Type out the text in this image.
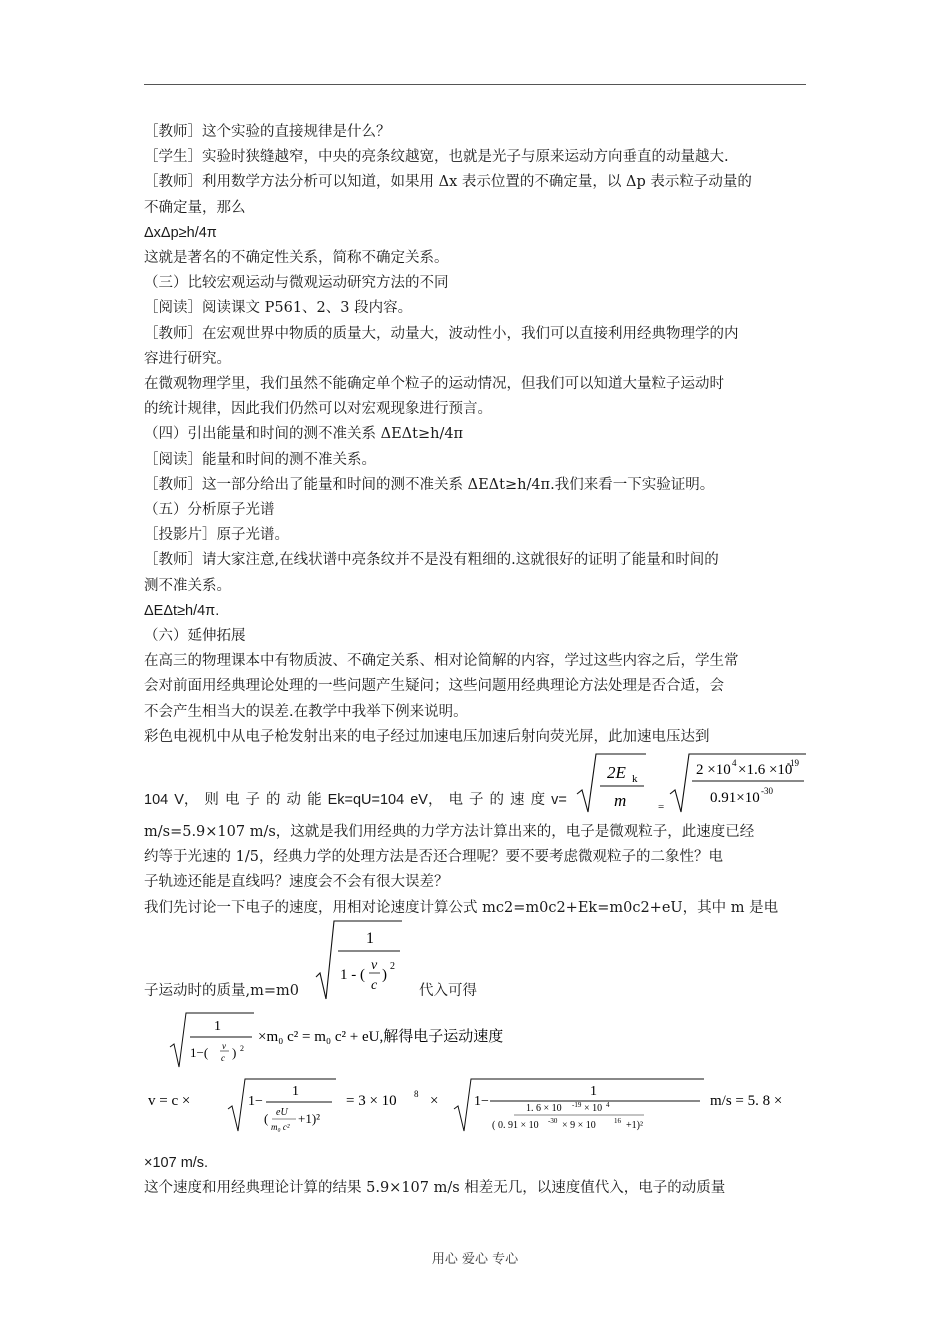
［教师］这个实验的直接规律是什么？

［学生］实验时狭缝越窄，中央的亮条纹越宽，也就是光子与原来运动方向垂直的动量越大.

［教师］利用数学方法分析可以知道，如果用 Δx 表示位置的不确定量，以 Δp 表示粒子动量的

不确定量，那么

ΔxΔp≥h/4π

这就是著名的不确定性关系，简称不确定关系。

（三）比较宏观运动与微观运动研究方法的不同

［阅读］阅读课文 P561、2、3 段内容。

［教师］在宏观世界中物质的质量大，动量大，波动性小，我们可以直接利用经典物理学的内

容进行研究。

在微观物理学里，我们虽然不能确定单个粒子的运动情况，但我们可以知道大量粒子运动时

的统计规律，因此我们仍然可以对宏观现象进行预言。

（四）引出能量和时间的测不准关系 ΔEΔt≥h/4π

［阅读］能量和时间的测不准关系。

［教师］这一部分给出了能量和时间的测不准关系 ΔEΔt≥h/4π.我们来看一下实验证明。

（五）分析原子光谱

［投影片］原子光谱。

［教师］请大家注意,在线状谱中亮条纹并不是没有粗细的.这就很好的证明了能量和时间的

测不准关系。

ΔEΔt≥h/4π.

（六）延伸拓展

在高三的物理课本中有物质波、不确定关系、相对论简解的内容，学过这些内容之后，学生常

会对前面用经典理论处理的一些问题产生疑问；这些问题用经典理论方法处理是否合适，会

不会产生相当大的误差.在教学中我举下例来说明。

彩色电视机中从电子枪发射出来的电子经过加速电压加速后射向荧光屏，此加速电压达到

104 V， 则 电 子 的 动 能 Ek=qU=104 eV， 电 子 的 速 度 v=
2E k
m	=
2 ×10 4 ×1.6 ×10
-19
0.91×10 -30

m/s=5.9×107 m/s，这就是我们用经典的力学方法计算出来的，电子是微观粒子，此速度已经

约等于光速的 1/5，经典力学的处理方法是否还合理呢？要不要考虑微观粒子的二象性？电

子轨迹还能是直线吗？速度会不会有很大误差？

我们先讨论一下电子的速度，用相对论速度计算公式 mc2=m0c2+Ek=m0c2+eU，其中 m 是电

子运动时的质量,m=m0
1
1 - (
v
c
)
2
代入可得
1
1−( v
c ) 2
×m₀ c² = m₀ c² + eU,解得电子运动速度
v = c ×	1−
1
( eU
m₀ c²
+1)²
= 3 × 10 8 ×	1−
1
1. 6 × 10 -19 × 10 4
( 0. 91 × 10 -30 × 9 × 10	16 +1)²
m/s = 5. 8 ×

×107 m/s.

这个速度和用经典理论计算的结果 5.9×107 m/s 相差无几，以速度值代入，电子的动质量

用心 爱心 专心
